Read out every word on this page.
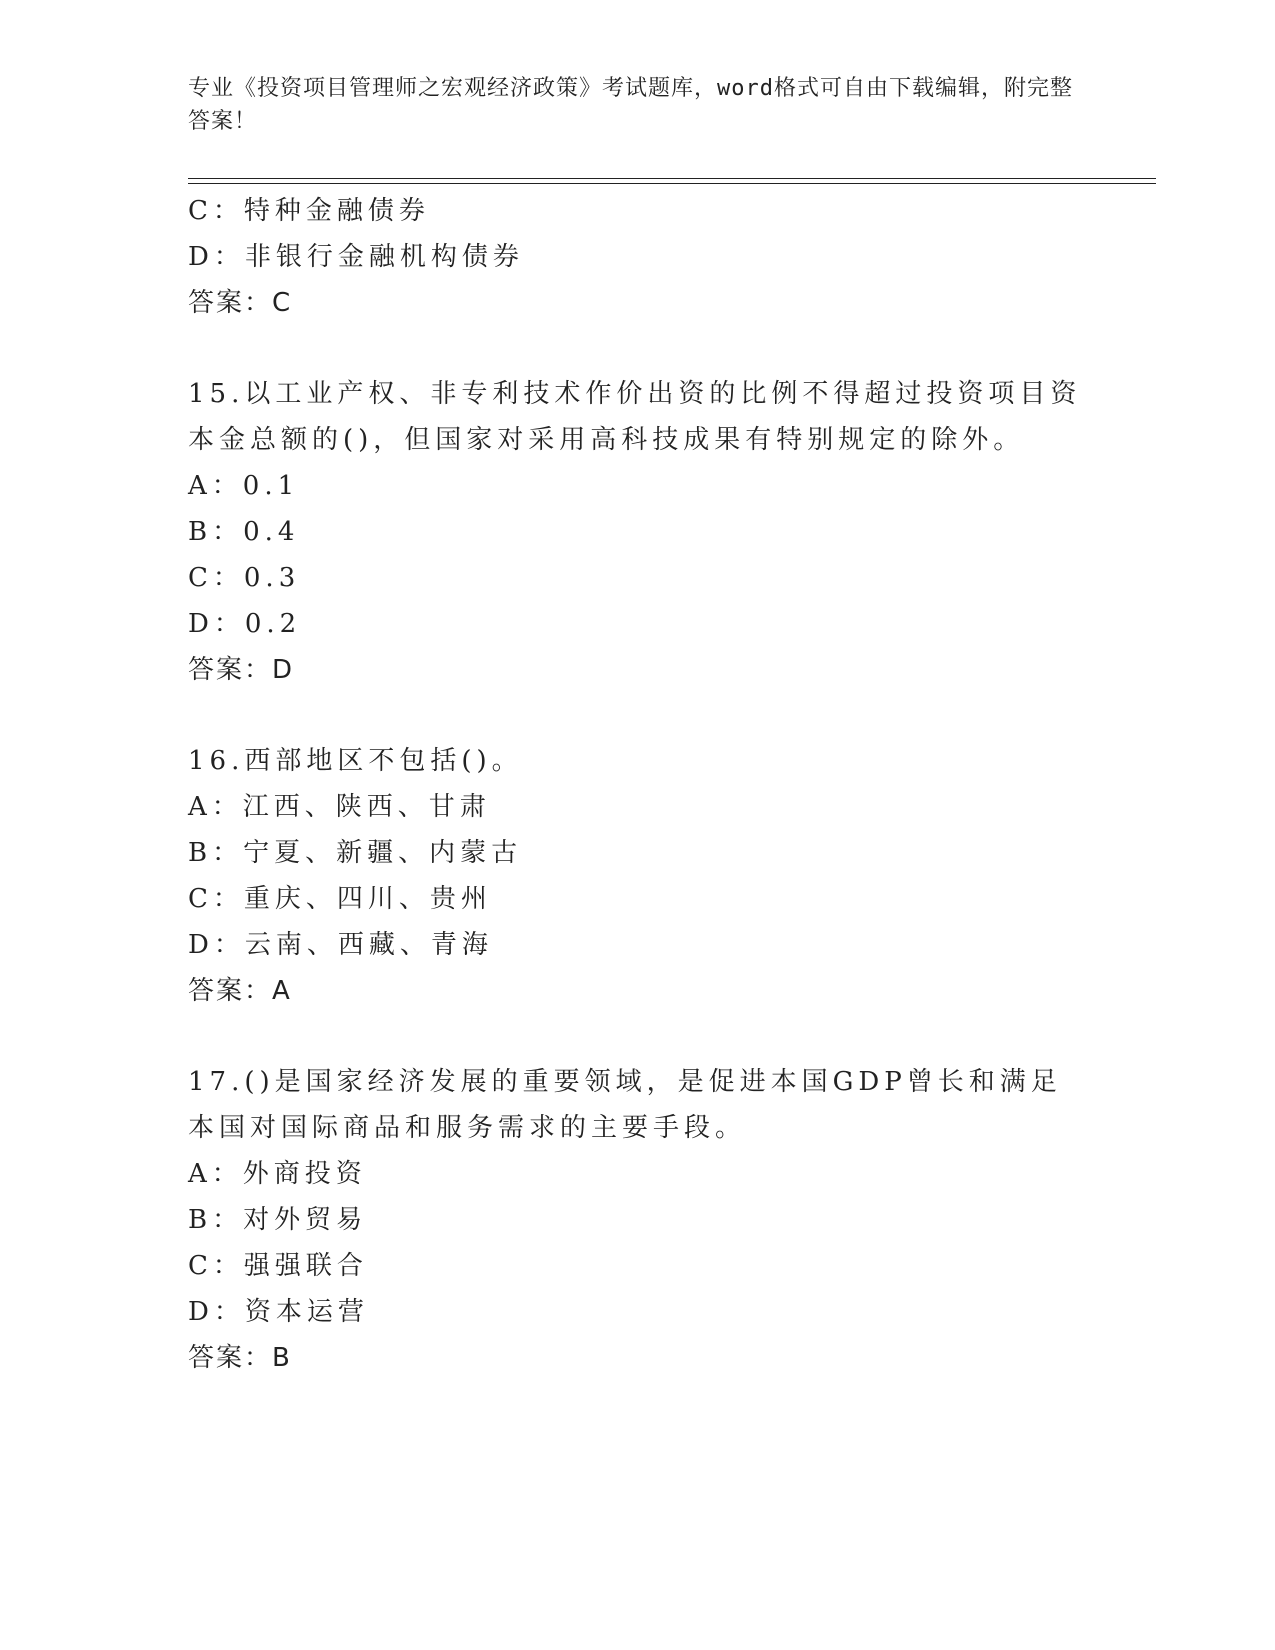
专业《投资项目管理师之宏观经济政策》考试题库，word格式可自由下载编辑，附完整答案！
C：特种金融债券
D：非银行金融机构债券
答案：C
15.以工业产权、非专利技术作价出资的比例不得超过投资项目资本金总额的()，但国家对采用高科技成果有特别规定的除外。
A：0.1
B：0.4
C：0.3
D：0.2
答案：D
16.西部地区不包括()。
A：江西、陕西、甘肃
B：宁夏、新疆、内蒙古
C：重庆、四川、贵州
D：云南、西藏、青海
答案：A
17.()是国家经济发展的重要领域，是促进本国GDP曾长和满足本国对国际商品和服务需求的主要手段。
A：外商投资
B：对外贸易
C：强强联合
D：资本运营
答案：B
